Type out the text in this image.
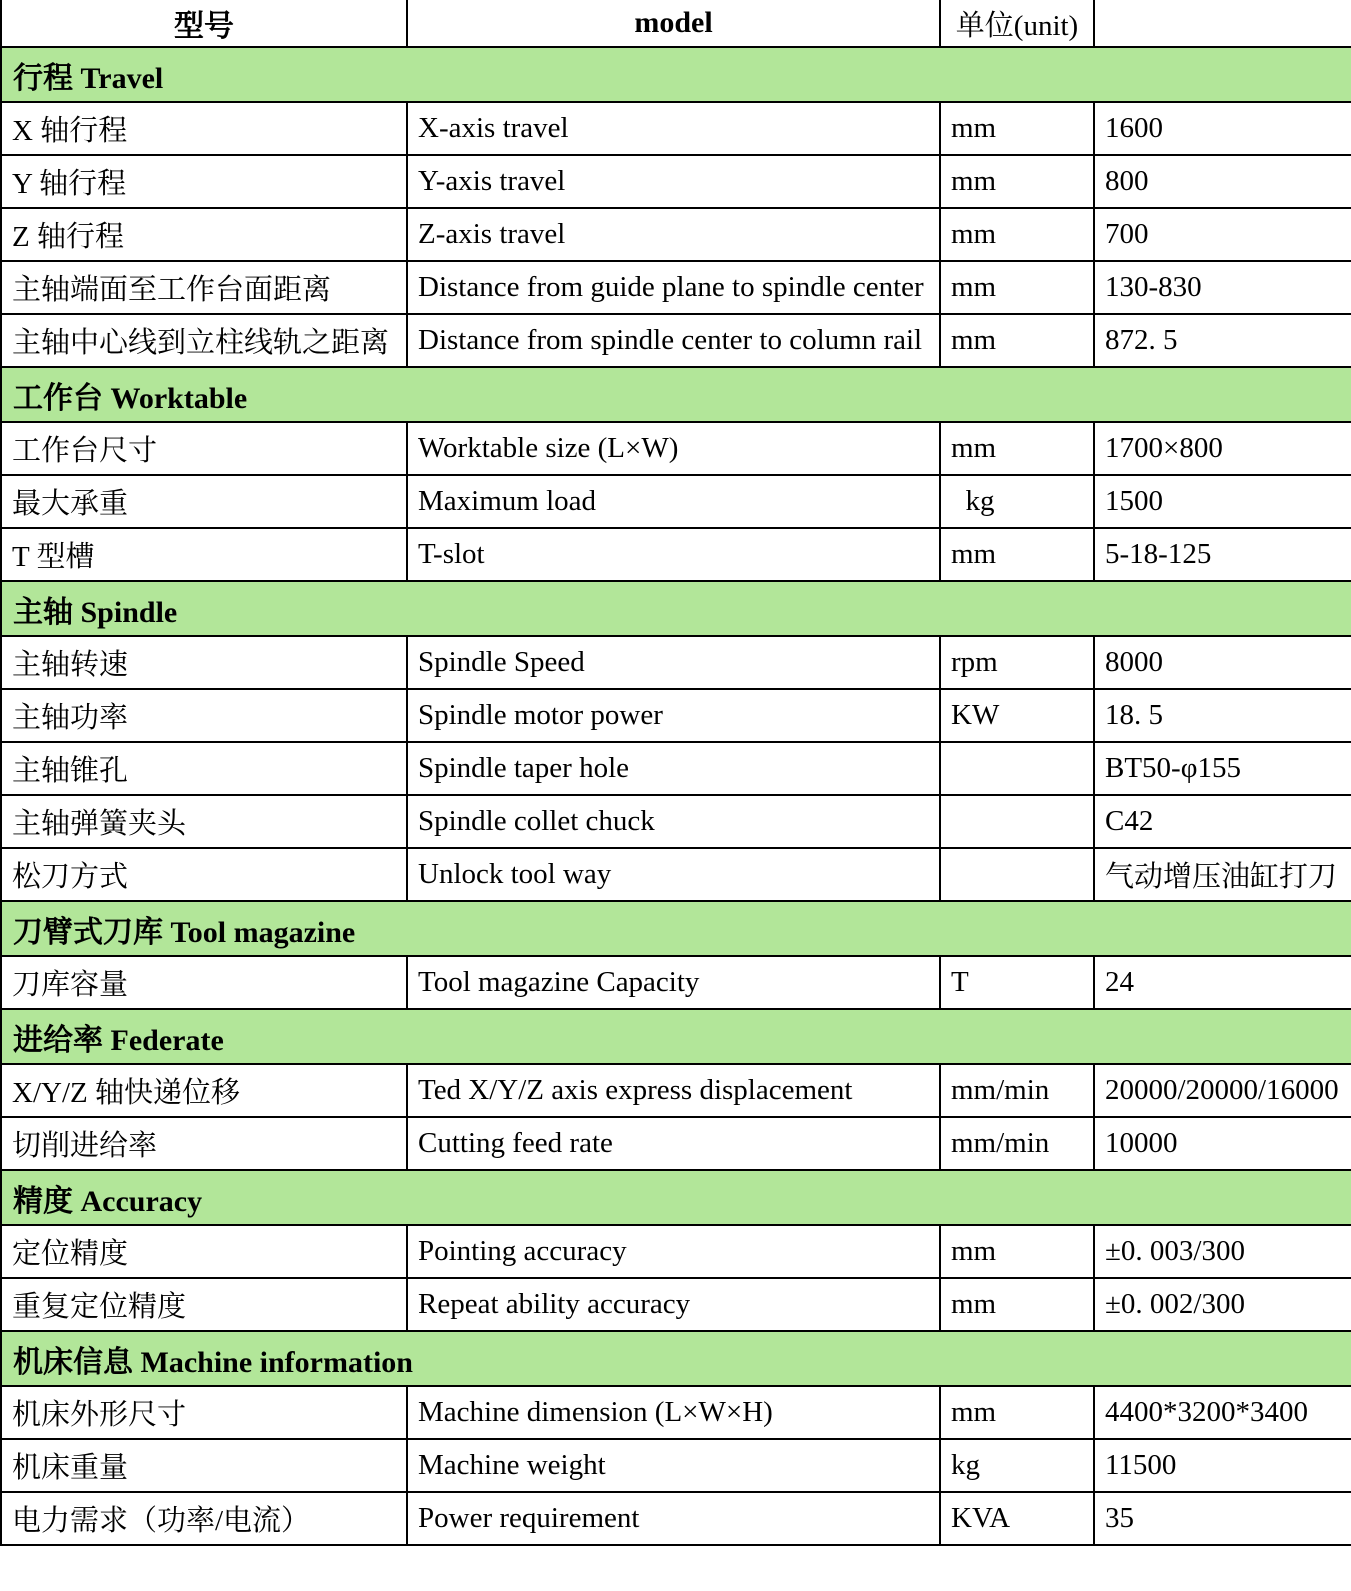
型号	model	单位(unit)	
行程 Travel			
X 轴行程	X-axis travel	mm	1600
Y 轴行程	Y-axis travel	mm	800
Z 轴行程	Z-axis travel	mm	700
主轴端面至工作台面距离	Distance from guide plane to spindle center	mm	130-830
主轴中心线到立柱线轨之距离	Distance from spindle center to column rail	mm	872. 5
工作台 Worktable			
工作台尺寸	Worktable size (L×W)	mm	1700×800
最大承重	Maximum load	kg	1500
T 型槽	T-slot	mm	5-18-125
主轴 Spindle			
主轴转速	Spindle Speed	rpm	8000
主轴功率	Spindle motor power	KW	18. 5
主轴锥孔	Spindle taper hole		BT50-φ155
主轴弹簧夹头	Spindle collet chuck		C42
松刀方式	Unlock tool way		气动增压油缸打刀
刀臂式刀库 Tool magazine			
刀库容量	Tool magazine Capacity	T	24
进给率 Federate			
X/Y/Z 轴快递位移	Ted X/Y/Z axis express displacement	mm/min	20000/20000/16000
切削进给率	Cutting feed rate	mm/min	10000
精度 Accuracy			
定位精度	Pointing accuracy	mm	±0. 003/300
重复定位精度	Repeat ability accuracy	mm	±0. 002/300
机床信息 Machine information			
机床外形尺寸	Machine dimension (L×W×H)	mm	4400*3200*3400
机床重量	Machine weight	kg	11500
电力需求（功率/电流）	Power requirement	KVA	35
